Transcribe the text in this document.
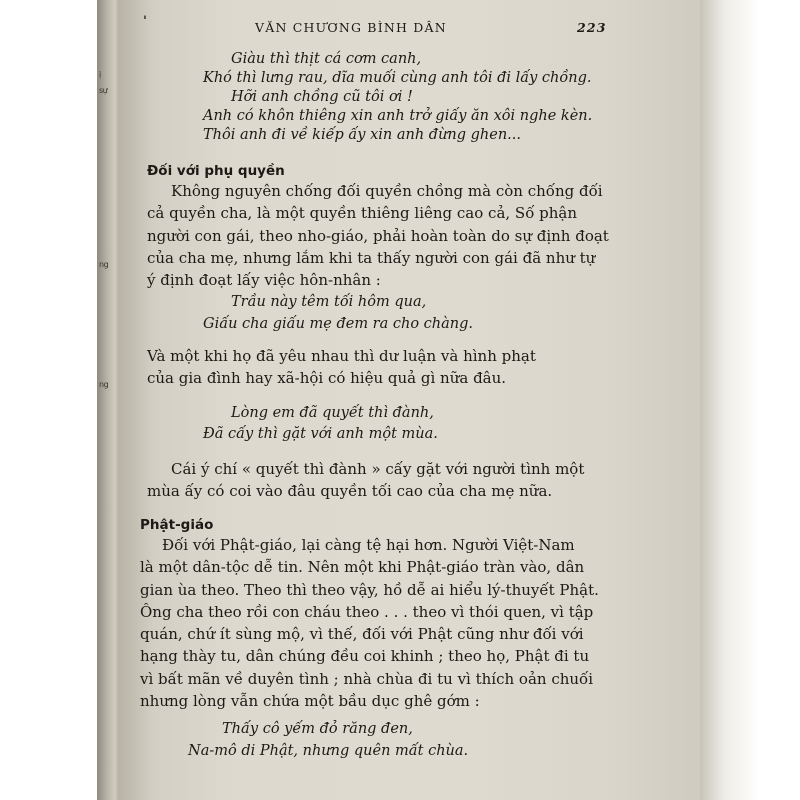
ị
sự
ng
ng
ˈ	VĂN CHƯƠNG BÌNH DÂN	223
Giàu thì thịt cá cơm canh,
Khó thì lưng rau, dĩa muối cùng anh tôi đi lấy chồng.
Hỡi anh chồng cũ tôi ơi !
Anh có khôn thiêng xin anh trở giấy ăn xôi nghe kèn.
Thôi anh đi về kiếp ấy xin anh đừng ghen...
Đối với phụ quyền
Không nguyên chống đối quyền chồng mà còn chống đối
cả quyền cha, là một quyền thiêng liêng cao cả, Số phận
người con gái, theo nho-giáo, phải hoàn toàn do sự định đoạt
của cha mẹ, nhưng lắm khi ta thấy người con gái đã như tự
ý định đoạt lấy việc hôn-nhân :
Trầu này têm tối hôm qua,
Giấu cha giấu mẹ đem ra cho chàng.
Và một khi họ đã yêu nhau thì dư luận và hình phạt
của gia đình hay xã-hội có hiệu quả gì nữa đâu.
Lòng em đã quyết thì đành,
Đã cấy thì gặt với anh một mùa.
Cái ý chí « quyết thì đành » cấy gặt với người tình một
mùa ấy có coi vào đâu quyền tối cao của cha mẹ nữa.
Phật-giáo
Đối với Phật-giáo, lại càng tệ hại hơn. Người Việt-Nam
là một dân-tộc dễ tin. Nên một khi Phật-giáo tràn vào, dân
gian ùa theo. Theo thì theo vậy, hồ dễ ai hiểu lý-thuyết Phật.
Ông cha theo rồi con cháu theo . . . theo vì thói quen, vì tập
quán, chứ ít sùng mộ, vì thế, đối với Phật cũng như đối với
hạng thày tu, dân chúng đều coi khinh ; theo họ, Phật đi tu
vì bất mãn về duyên tình ; nhà chùa đi tu vì thích oản chuối
nhưng lòng vẫn chứa một bầu dục ghê gớm :
Thấy cô yếm đỏ răng đen,
Na-mô di Phật, nhưng quên mất chùa.
